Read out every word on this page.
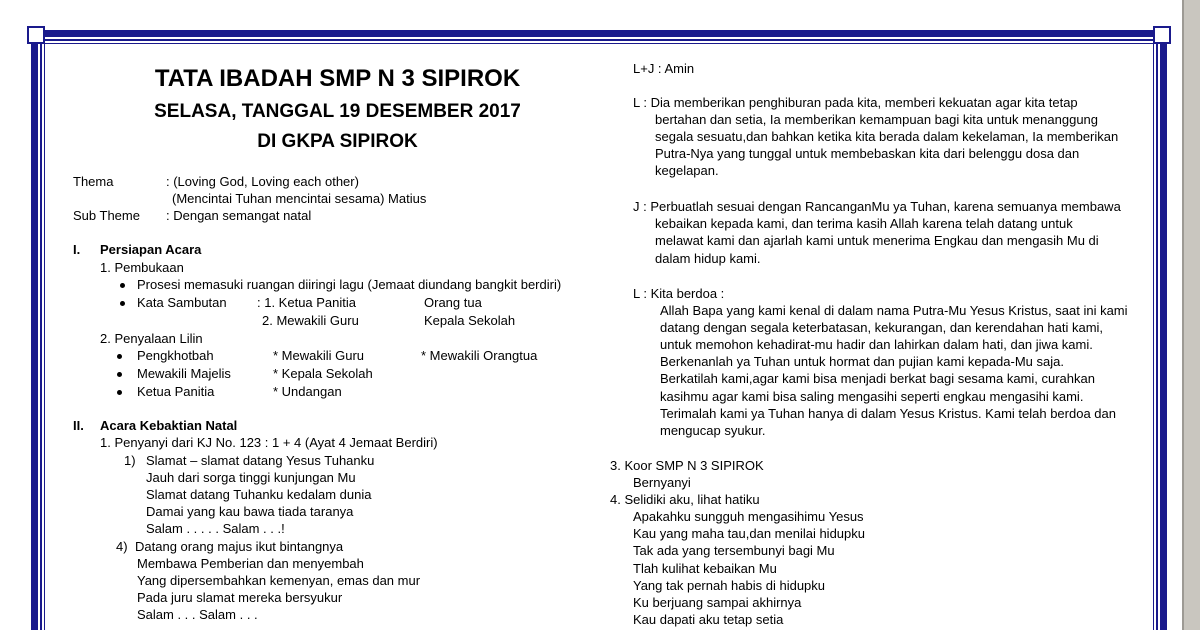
TATA IBADAH SMP N 3 SIPIROK
SELASA, TANGGAL 19 DESEMBER 2017
DI GKPA SIPIROK
Thema	: (Loving God, Loving each other)
(Mencintai Tuhan mencintai sesama) Matius
Sub Theme : Dengan semangat natal
I. Persiapan Acara
1. Pembukaan
Prosesi memasuki ruangan diiringi lagu (Jemaat diundang bangkit berdiri)
Kata Sambutan : 1. Ketua Panitia	Orang tua
2. Mewakili Guru	Kepala Sekolah
2. Penyalaan Lilin
Pengkhotbah	* Mewakili Guru	* Mewakili Orangtua
Mewakili Majelis	* Kepala Sekolah
Ketua Panitia	* Undangan
II. Acara Kebaktian Natal
1. Penyanyi dari KJ No. 123 : 1 + 4 (Ayat 4 Jemaat Berdiri)
1) Slamat – slamat datang Yesus Tuhanku
Jauh dari sorga tinggi kunjungan Mu
Slamat datang Tuhanku kedalam dunia
Damai yang kau bawa tiada taranya
Salam . . . . . Salam . . .!
4) Datang orang majus ikut bintangnya
Membawa Pemberian dan menyembah
Yang dipersembahkan kemenyan, emas dan mur
Pada juru slamat mereka bersyukur
Salam . . . Salam . . .
L+J : Amin
L : Dia memberikan penghiburan pada kita, memberi kekuatan agar kita tetap
bertahan dan setia, Ia memberikan kemampuan bagi kita untuk menanggung
segala sesuatu,dan bahkan ketika kita berada dalam kekelaman, Ia memberikan
Putra-Nya yang tunggal untuk membebaskan kita dari belenggu dosa dan
kegelapan.
J : Perbuatlah sesuai dengan RancanganMu ya Tuhan, karena semuanya membawa
kebaikan kepada kami, dan terima kasih Allah karena telah datang untuk
melawat kami dan ajarlah kami untuk menerima Engkau dan mengasih Mu di
dalam hidup kami.
L : Kita berdoa :
Allah Bapa yang kami kenal di dalam nama Putra-Mu Yesus Kristus, saat ini kami
datang dengan segala keterbatasan, kekurangan, dan kerendahan hati kami,
untuk memohon kehadirat-mu hadir dan lahirkan dalam hati, dan jiwa kami.
Berkenanlah ya Tuhan untuk hormat dan pujian kami kepada-Mu saja.
Berkatilah kami,agar kami bisa menjadi berkat bagi sesama kami, curahkan
kasihmu agar kami bisa saling mengasihi seperti engkau mengasihi kami.
Terimalah kami ya Tuhan hanya di dalam Yesus Kristus. Kami telah berdoa dan
mengucap syukur.
3. Koor SMP N 3 SIPIROK
Bernyanyi
4. Selidiki aku, lihat hatiku
Apakahku sungguh mengasihimu Yesus
Kau yang maha tau,dan menilai hidupku
Tak ada yang tersembunyi bagi Mu
Tlah kulihat kebaikan Mu
Yang tak pernah habis di hidupku
Ku berjuang sampai akhirnya
Kau dapati aku tetap setia
